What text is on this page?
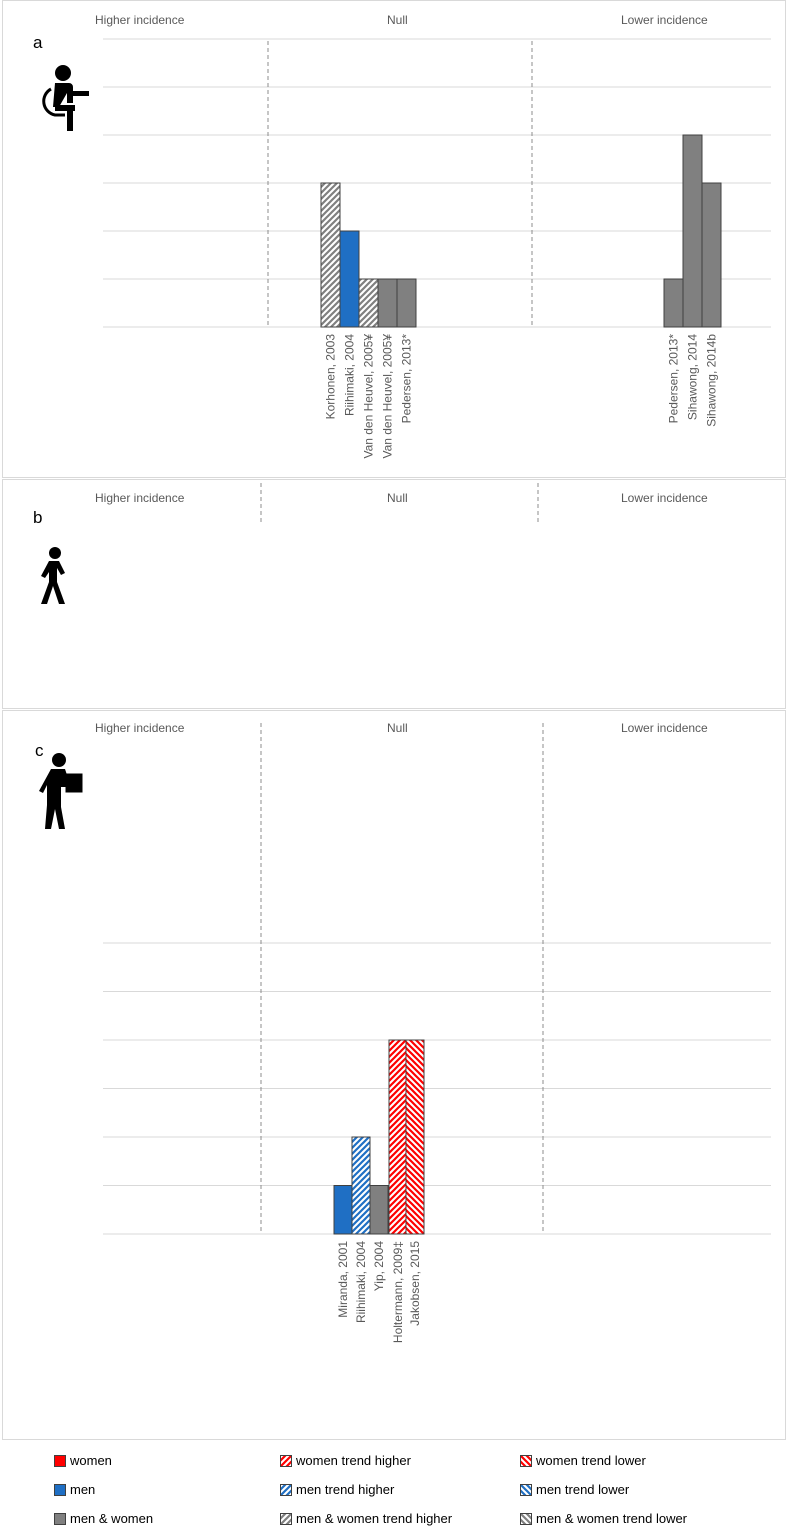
Korhonen, 2003 Riihimaki, 2004 Van den Heuvel, 2005¥ Van den Heuvel, 2005¥ Pedersen, 2013*	Pedersen, 2013* Sihawong, 2014 Sihawong, 2014b
Higher incidence	Null	Lower incidence
a
Higher incidence	Null	Lower incidence
b
Miranda, 2001 Riihimaki, 2004 Yip, 2004 Holtermann, 2009‡ Jakobsen, 2015
Higher incidence	Null	Lower incidence
c
women	women trend higher	women trend lower
men	men trend higher	men trend lower
men & women	men & women trend higher	men & women trend lower
